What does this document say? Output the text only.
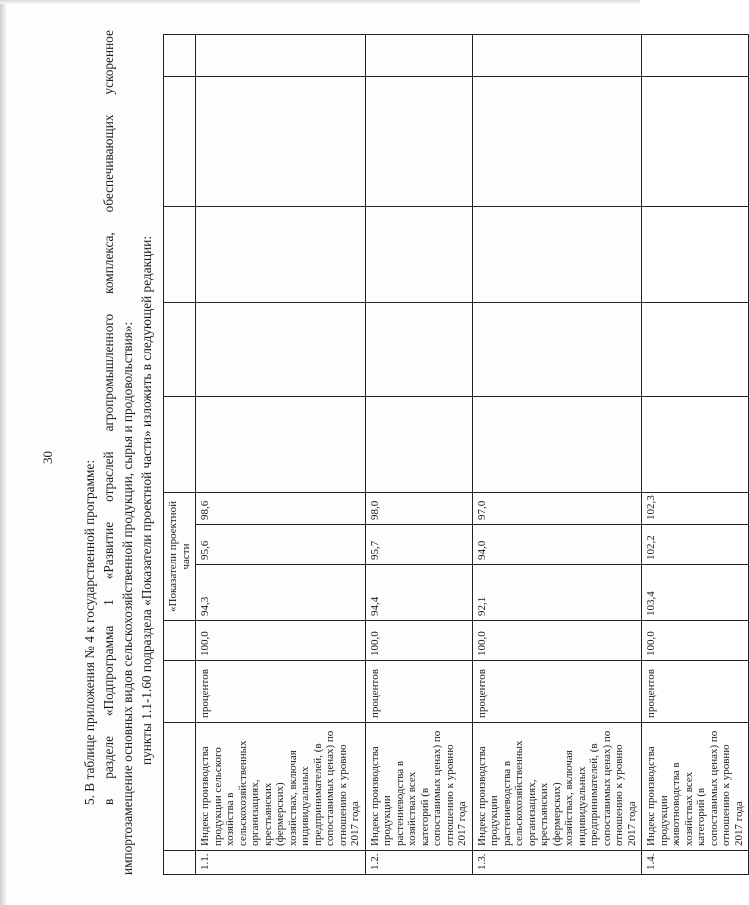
30
5. В таблице приложения № 4 к государственной программе: в
разделе
«Подпрограмма
1
«Развитие
отраслей
агропромышленного
комплекса,
обеспечивающих
ускоренное
импортозамещение основных видов сельскохозяйственной продукции, сырья и продовольствия»: пункты 1.1-1.60 подраздела «Показатели проектной части» изложить в следующей редакции:
				«Показатели проектной части							
1.1.	Индекс производства продукции сельского хозяйства в сельскохозяйственных организациях, крестьянских (фермерских) хозяйствах, включая индивидуальных предпринимателей, (в сопоставимых ценах) по отношению к уровню 2017 года	процентов	100,0	94,3	95,6	98,6					
1.2.	Индекс производства продукции растениеводства в хозяйствах всех категорий (в сопоставимых ценах) по отношению к уровню 2017 года	процентов	100,0	94,4	95,7	98,0					
1.3.	Индекс производства продукции растениеводства в сельскохозяйственных организациях, крестьянских (фермерских) хозяйствах, включая индивидуальных предпринимателей, (в сопоставимых ценах) по отношению к уровню 2017 года	процентов	100,0	92,1	94,0	97,0					
1.4.	Индекс производства продукции животноводства в хозяйствах всех категорий (в сопоставимых ценах) по отношению к уровню 2017 года	процентов	100,0	103,4	102,2	102,3					
